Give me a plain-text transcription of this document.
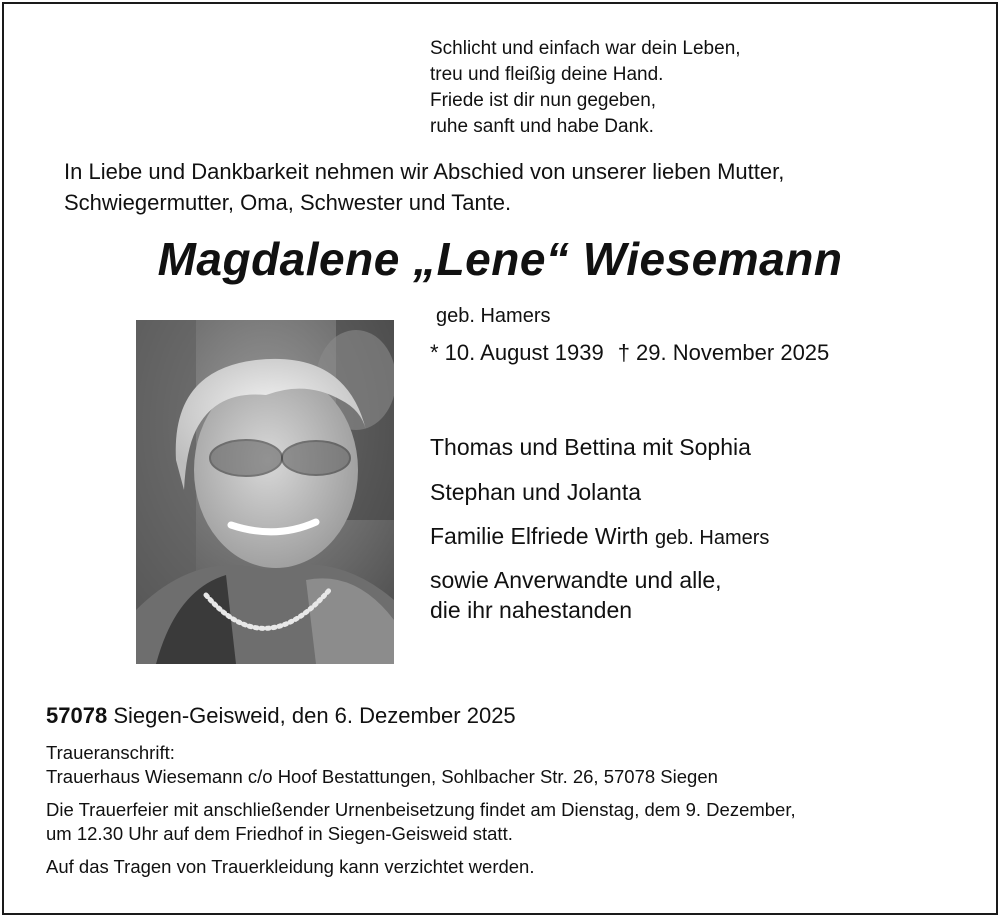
Schlicht und einfach war dein Leben,
treu und fleißig deine Hand.
Friede ist dir nun gegeben,
ruhe sanft und habe Dank.
In Liebe und Dankbarkeit nehmen wir Abschied von unserer lieben Mutter,
Schwiegermutter, Oma, Schwester und Tante.
Magdalene „Lene“ Wiesemann
geb. Hamers
* 10. August 1939 † 29. November 2025
Thomas und Bettina mit Sophia
Stephan und Jolanta
Familie Elfriede Wirth geb. Hamers
sowie Anverwandte und alle,
die ihr nahestanden
57078 Siegen-Geisweid, den 6. Dezember 2025
Traueranschrift:
Trauerhaus Wiesemann c/o Hoof Bestattungen, Sohlbacher Str. 26, 57078 Siegen
Die Trauerfeier mit anschließender Urnenbeisetzung findet am Dienstag, dem 9. Dezember,
um 12.30 Uhr auf dem Friedhof in Siegen-Geisweid statt.
Auf das Tragen von Trauerkleidung kann verzichtet werden.
